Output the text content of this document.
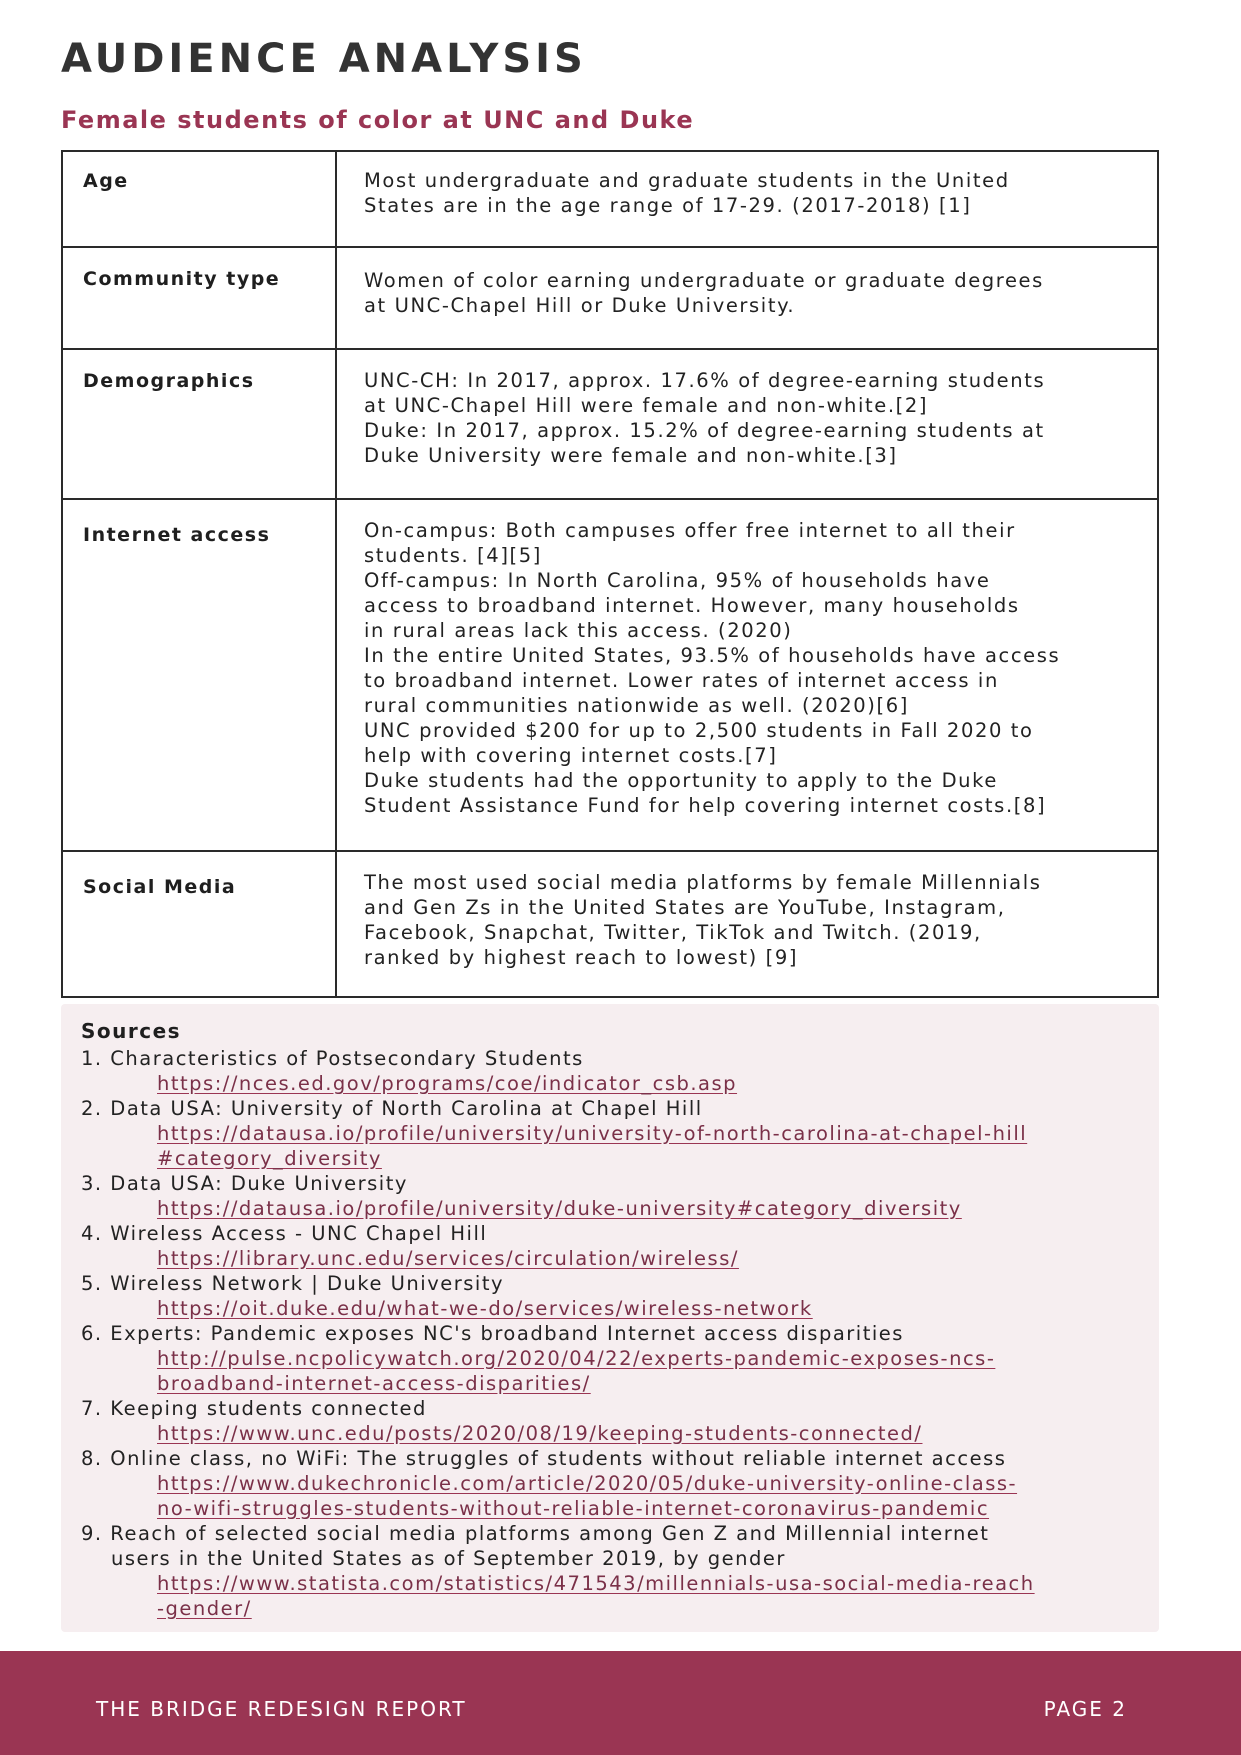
AUDIENCE ANALYSIS
Female students of color at UNC and Duke
Age	Most undergraduate and graduate students in the United
States are in the age range of 17-29. (2017-2018) [1]
Community type	Women of color earning undergraduate or graduate degrees
at UNC-Chapel Hill or Duke University.
Demographics	UNC-CH: In 2017, approx. 17.6% of degree-earning students
at UNC-Chapel Hill were female and non-white.[2]
Duke: In 2017, approx. 15.2% of degree-earning students at
Duke University were female and non-white.[3]
Internet access	On-campus: Both campuses offer free internet to all their
students. [4][5]
Off-campus: In North Carolina, 95% of households have
access to broadband internet. However, many households
in rural areas lack this access. (2020)
In the entire United States, 93.5% of households have access
to broadband internet. Lower rates of internet access in
rural communities nationwide as well. (2020)[6]
UNC provided $200 for up to 2,500 students in Fall 2020 to
help with covering internet costs.[7]
Duke students had the opportunity to apply to the Duke
Student Assistance Fund for help covering internet costs.[8]
Social Media	The most used social media platforms by female Millennials
and Gen Zs in the United States are YouTube, Instagram,
Facebook, Snapchat, Twitter, TikTok and Twitch. (2019,
ranked by highest reach to lowest) [9]
Sources
1. Characteristics of Postsecondary Students
https://nces.ed.gov/programs/coe/indicator_csb.asp
2. Data USA: University of North Carolina at Chapel Hill
https://datausa.io/profile/university/university-of-north-carolina-at-chapel-hill
#category_diversity
3. Data USA: Duke University
https://datausa.io/profile/university/duke-university#category_diversity
4. Wireless Access - UNC Chapel Hill
https://library.unc.edu/services/circulation/wireless/
5. Wireless Network | Duke University
https://oit.duke.edu/what-we-do/services/wireless-network
6. Experts: Pandemic exposes NC's broadband Internet access disparities
http://pulse.ncpolicywatch.org/2020/04/22/experts-pandemic-exposes-ncs-
broadband-internet-access-disparities/
7. Keeping students connected
https://www.unc.edu/posts/2020/08/19/keeping-students-connected/
8. Online class, no WiFi: The struggles of students without reliable internet access
https://www.dukechronicle.com/article/2020/05/duke-university-online-class-
no-wifi-struggles-students-without-reliable-internet-coronavirus-pandemic
9. Reach of selected social media platforms among Gen Z and Millennial internet
users in the United States as of September 2019, by gender
https://www.statista.com/statistics/471543/millennials-usa-social-media-reach
-gender/
THE BRIDGE REDESIGN REPORT	PAGE 2
